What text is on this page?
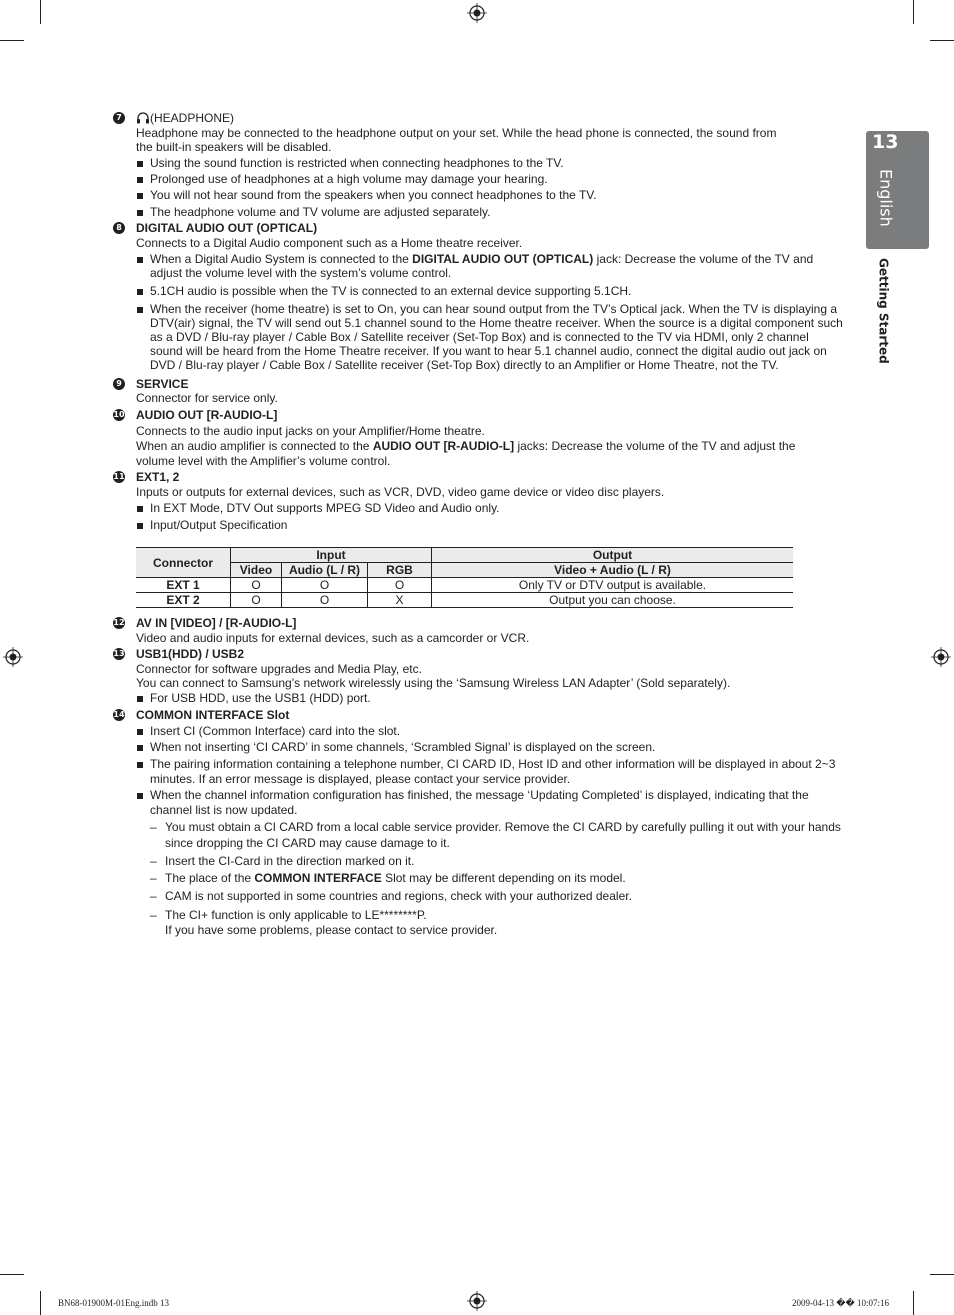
13
English
Getting Started
7	(HEADPHONE)

Headphone may be connected to the headphone output on your set. While the head phone is connected, the sound from the built-in speakers will be disabled.

Using the sound function is restricted when connecting headphones to the TV.
Prolonged use of headphones at a high volume may damage your hearing.
You will not hear sound from the speakers when you connect headphones to the TV.
The headphone volume and TV volume are adjusted separately.
8 DIGITAL AUDIO OUT (OPTICAL)

Connects to a Digital Audio component such as a Home theatre receiver.

When a Digital Audio System is connected to the DIGITAL AUDIO OUT (OPTICAL) jack: Decrease the volume of the TV and adjust the volume level with the system’s volume control.
5.1CH audio is possible when the TV is connected to an external device supporting 5.1CH.
When the receiver (home theatre) is set to On, you can hear sound output from the TV’s Optical jack. When the TV is displaying a DTV(air) signal, the TV will send out 5.1 channel sound to the Home theatre receiver. When the source is a digital component such as a DVD / Blu-ray player / Cable Box / Satellite receiver (Set-Top Box) and is connected to the TV via HDMI, only 2 channel sound will be heard from the Home Theatre receiver. If you want to hear 5.1 channel audio, connect the digital audio out jack on DVD / Blu-ray player / Cable Box / Satellite receiver (Set-Top Box) directly to an Amplifier or Home Theatre, not the TV.
9 SERVICE

Connector for service only.

10 AUDIO OUT [R-AUDIO-L]

Connects to the audio input jacks on your Amplifier/Home theatre.

When an audio amplifier is connected to the AUDIO OUT [R-AUDIO-L] jacks: Decrease the volume of the TV and adjust the volume level with the Amplifier’s volume control.

11 EXT1, 2

Inputs or outputs for external devices, such as VCR, DVD, video game device or video disc players.

In EXT Mode, DTV Out supports MPEG SD Video and Audio only.
Input/Output Specification
Connector	Input			Output
	Video	Audio (L / R)	RGB	Video + Audio (L / R)
EXT 1	O	O	O	Only TV or DTV output is available.
EXT 2	O	O	X	Output you can choose.
12 AV IN [VIDEO] / [R-AUDIO-L]

Video and audio inputs for external devices, such as a camcorder or VCR.

13 USB1(HDD) / USB2

Connector for software upgrades and Media Play, etc.

You can connect to Samsung’s network wirelessly using the ‘Samsung Wireless LAN Adapter’ (Sold separately).

For USB HDD, use the USB1 (HDD) port.
14 COMMON INTERFACE Slot
Insert CI (Common Interface) card into the slot.
When not inserting ‘CI CARD’ in some channels, ‘Scrambled Signal’ is displayed on the screen.
The pairing information containing a telephone number, CI CARD ID, Host ID and other information will be displayed in about 2~3 minutes. If an error message is displayed, please contact your service provider.
When the channel information configuration has finished, the message ‘Updating Completed’ is displayed, indicating that the channel list is now updated.
– You must obtain a CI CARD from a local cable service provider. Remove the CI CARD by carefully pulling it out with your hands since dropping the CI CARD may cause damage to it.
– Insert the CI-Card in the direction marked on it.
– The place of the COMMON INTERFACE Slot may be different depending on its model.
– CAM is not supported in some countries and regions, check with your authorized dealer.
– The CI+ function is only applicable to LE********P.
If you have some problems, please contact to service provider.
BN68-01900M-01Eng.indb 13	2009-04-13 �� 10:07:16
